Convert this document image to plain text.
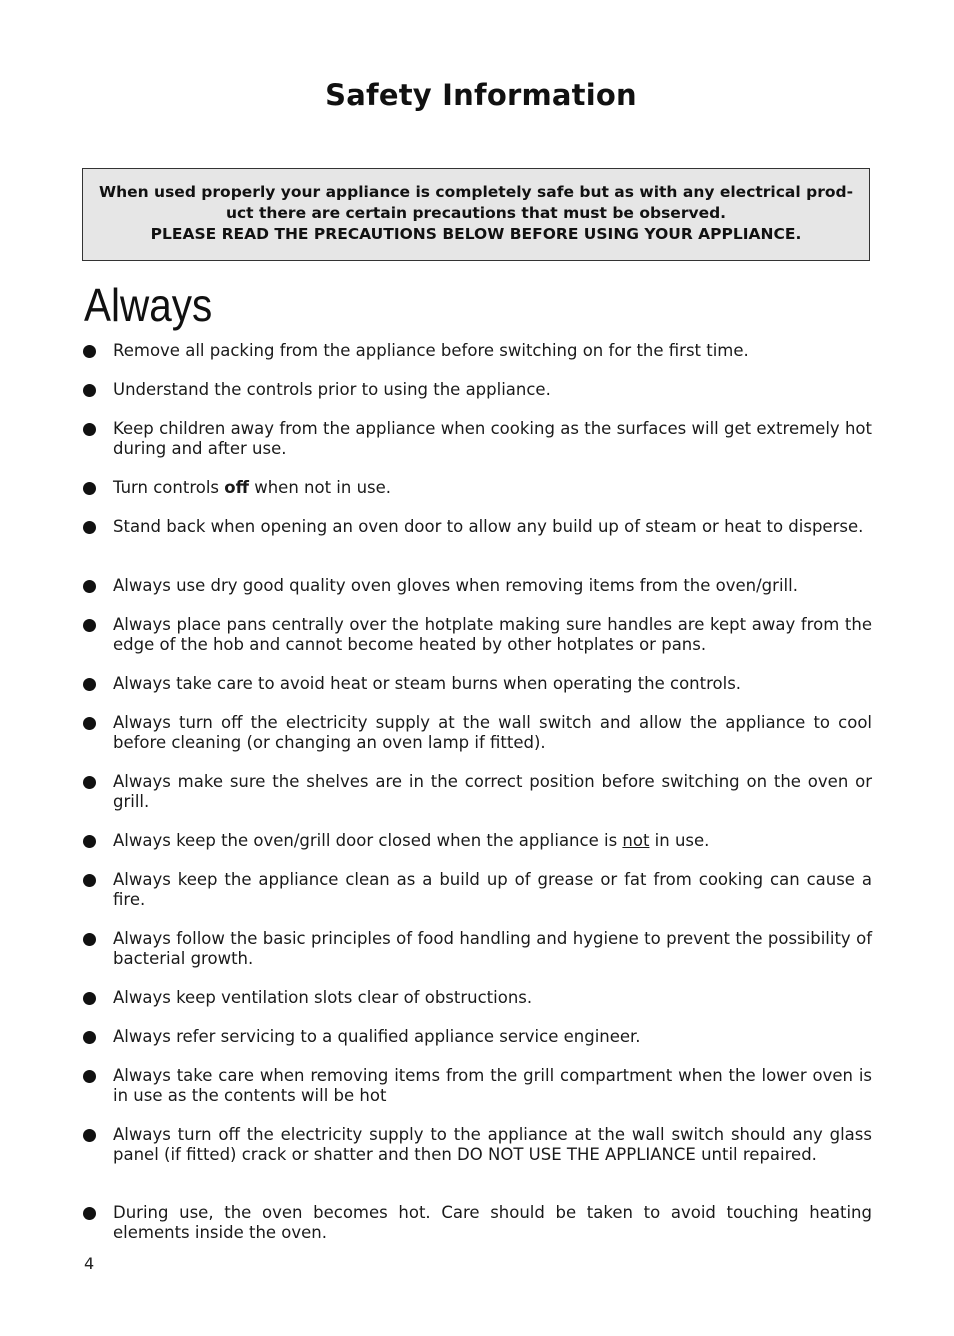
Safety Information
When used properly your appliance is completely safe but as with any electrical prod-
uct there are certain precautions that must be observed.
PLEASE READ THE PRECAUTIONS BELOW BEFORE USING YOUR APPLIANCE.
Always
Remove all packing from the appliance before switching on for the first time.
Understand the controls prior to using the appliance.
Keep children away from the appliance when cooking as the surfaces will get extremely hot during and after use.
Turn controls off when not in use.
Stand back when opening an oven door to allow any build up of steam or heat to disperse.
Always use dry good quality oven gloves when removing items from the oven/grill.
Always place pans centrally over the hotplate making sure handles are kept away from the edge of the hob and cannot become heated by other hotplates or pans.
Always take care to avoid heat or steam burns when operating the controls.
Always turn off the electricity supply at the wall switch and allow the appliance to cool before cleaning (or changing an oven lamp if fitted).
Always make sure the shelves are in the correct position before switching on the oven or grill.
Always keep the oven/grill door closed when the appliance is not in use.
Always keep the appliance clean as a build up of grease or fat from cooking can cause a fire.
Always follow the basic principles of food handling and hygiene to prevent the possibility of bacterial growth.
Always keep ventilation slots clear of obstructions.
Always refer servicing to a qualified appliance service engineer.
Always take care when removing items from the grill compartment when the lower oven is in use as the contents will be hot
Always turn off the electricity supply to the appliance at the wall switch should any glass panel (if fitted) crack or shatter and then DO NOT USE THE APPLIANCE until repaired.
During use, the oven becomes hot. Care should be taken to avoid touching heating elements inside the oven.
4
